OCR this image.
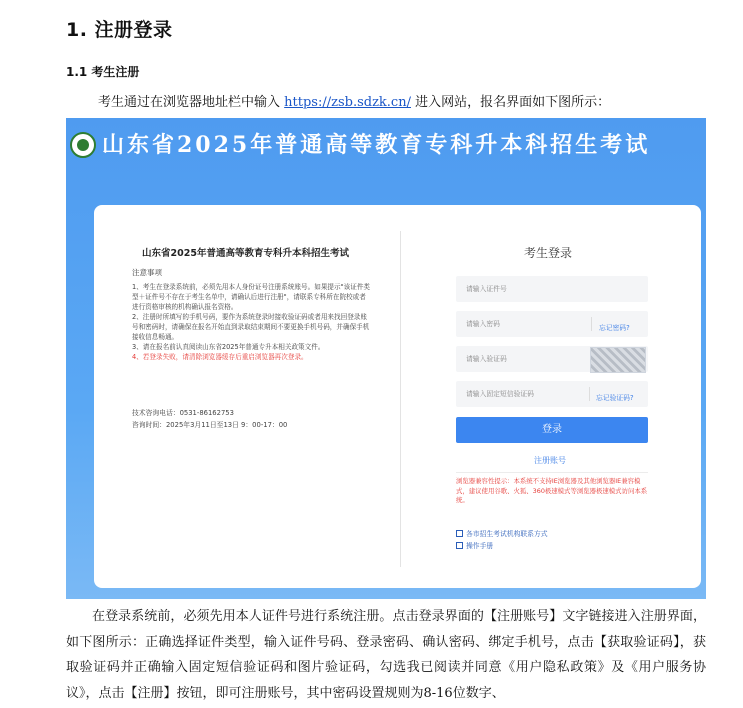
1. 注册登录
1.1 考生注册
考生通过在浏览器地址栏中输入 https://zsb.sdzk.cn/ 进入网站，报名界面如下图所示：
山东省2025年普通高等教育专科升本科招生考试
山东省2025年普通高等教育专科升本科招生考试
注意事项
1、考生在登录系统前，必须先用本人身份证号注册系统账号。如果提示"该证件类型＋证件号不存在于考生名单中，请确认后进行注册"，请联系专科所在院校或者进行资格审核的机构确认报名资格。
2、注册时所填写的手机号码，要作为系统登录时接收验证码或者用来找回登录账号和密码时，请确保在报名开始直到录取结束期间不要更换手机号码，并确保手机接收信息畅通。
3、请在报名前认真阅读山东省2025年普通专升本相关政策文件。
4、若登录失败，请清除浏览器缓存后重启浏览器再次登录。
技术咨询电话：0531-86162753
咨询时间：2025年3月11日至13日 9：00-17：00
考生登录
请输入证件号
请输入密码	忘记密码?
请输入验证码
请输入固定短信验证码	忘记验证码?
登录
注册账号
浏览器兼容性提示：本系统不支持IE浏览器及其他浏览器IE兼容模式，建议使用谷歌、火狐、360极速模式等浏览器极速模式访问本系统。
各市招生考试机构联系方式
操作手册
在登录系统前，必须先用本人证件号进行系统注册。点击登录界面的【注册账号】文字链接进入注册界面，如下图所示：正确选择证件类型，输入证件号码、登录密码、确认密码、绑定手机号，点击【获取验证码】，获取验证码并正确输入固定短信验证码和图片验证码，勾选我已阅读并同意《用户隐私政策》及《用户服务协议》，点击【注册】按钮，即可注册账号，其中密码设置规则为8-16位数字、
